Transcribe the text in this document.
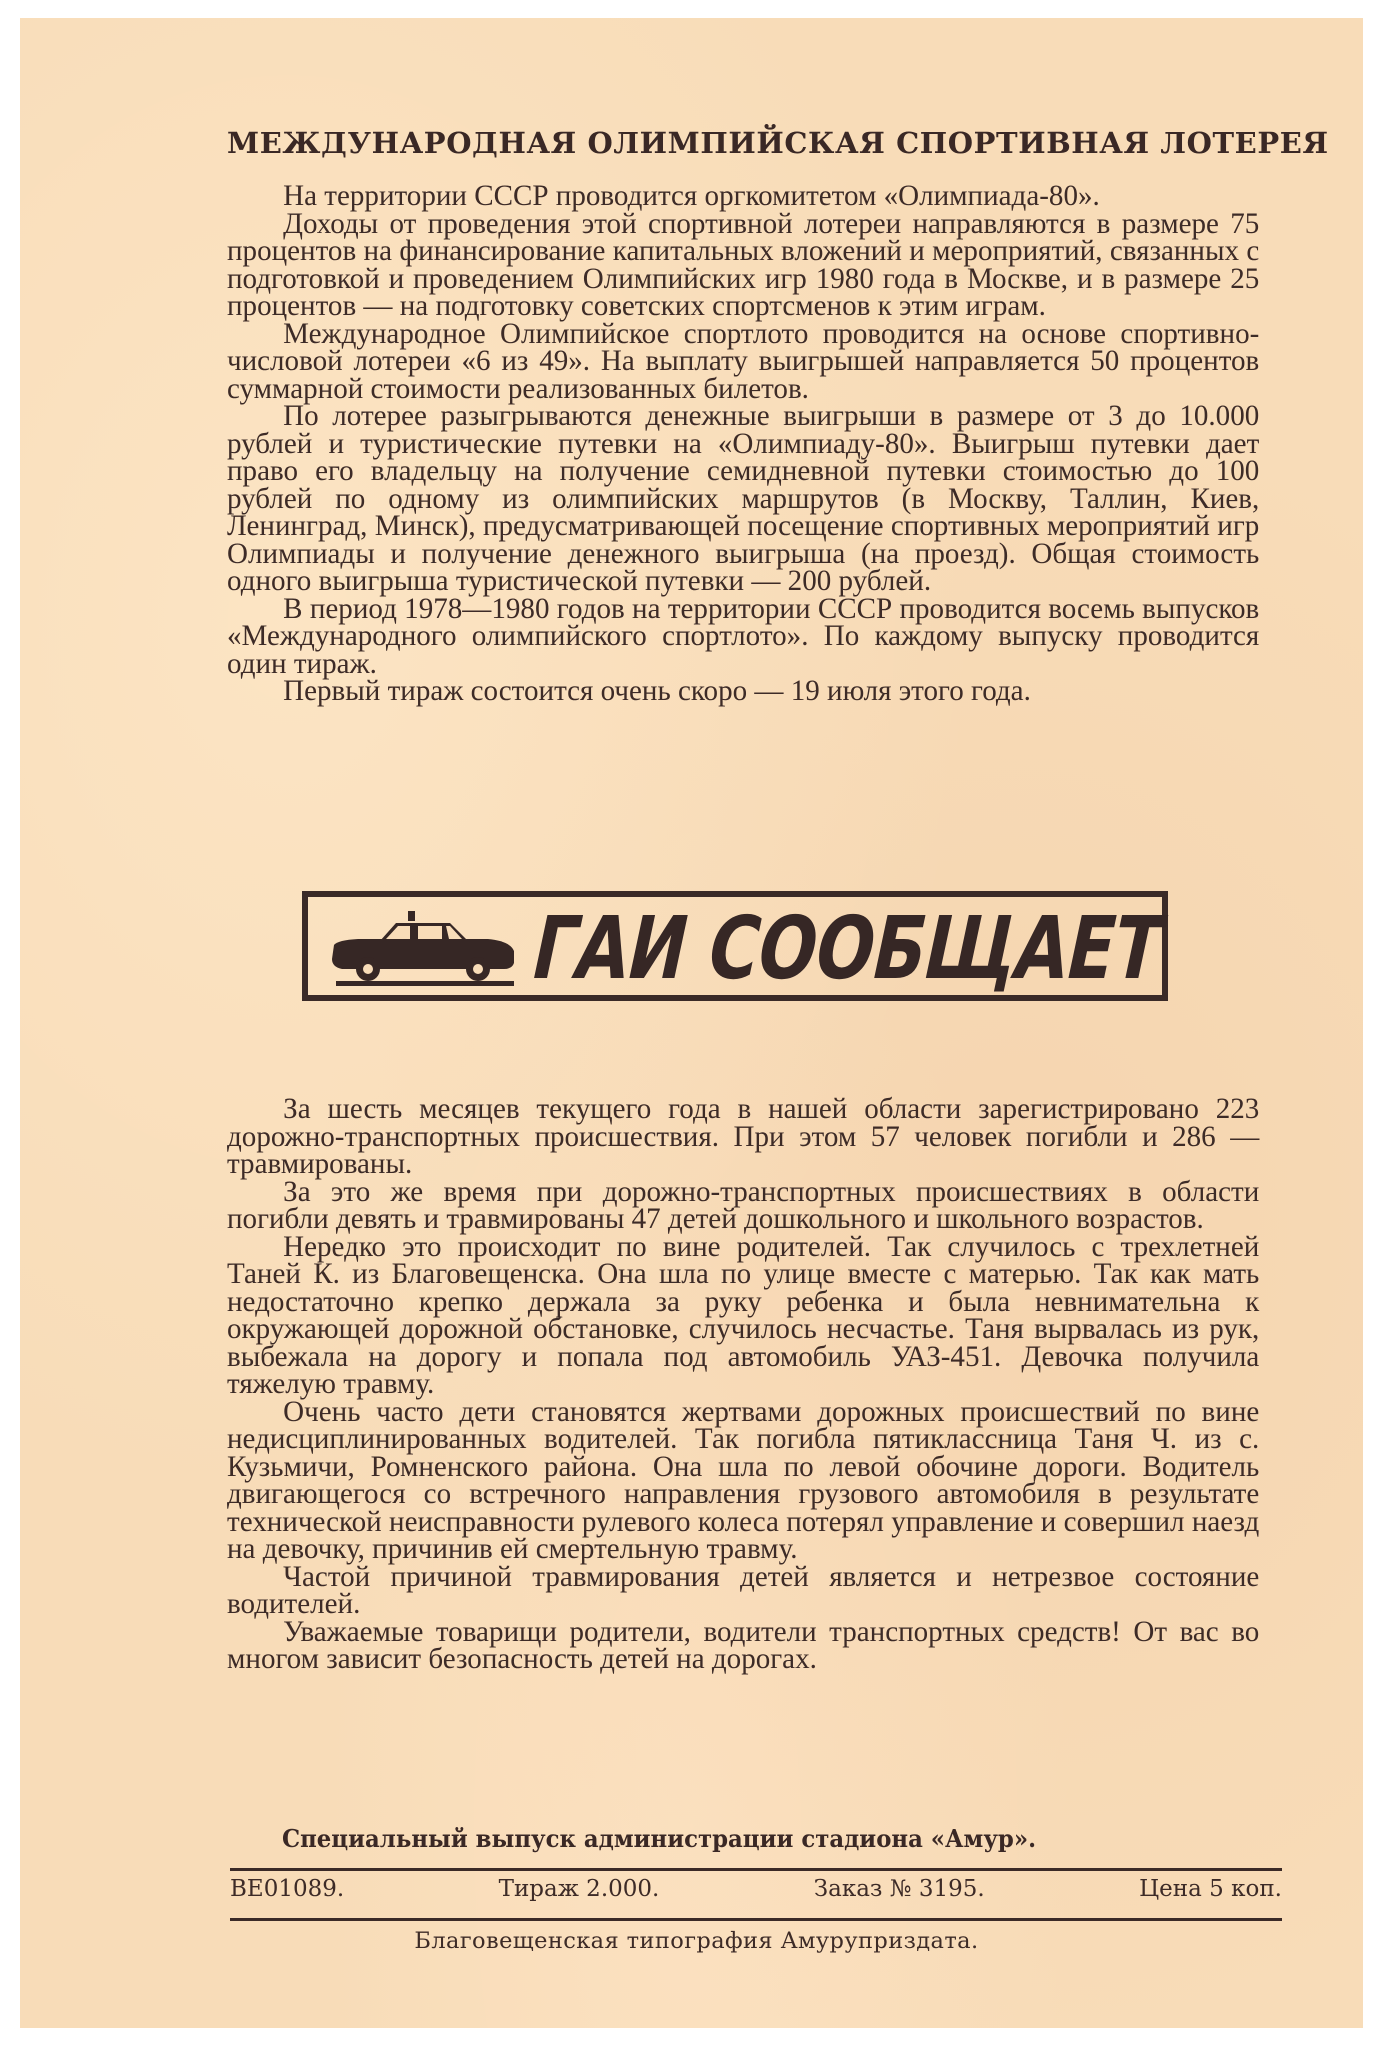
МЕЖДУНАРОДНАЯ ОЛИМПИЙСКАЯ СПОРТИВНАЯ ЛОТЕРЕЯ

На территории СССР проводится оргкомитетом «Олимпиада-80».

Доходы от проведения этой спортивной лотереи направляются в размере 75 процентов на финансирование капитальных вложений и мероприятий, связанных с подготовкой и проведением Олимпийских игр 1980 года в Москве, и в размере 25 процентов — на подготовку советских спортсменов к этим играм.

Международное Олимпийское спортлото проводится на основе спортивно-числовой лотереи «6 из 49». На выплату выигрышей направляется 50 процентов суммарной стоимости реализованных билетов.

По лотерее разыгрываются денежные выигрыши в размере от 3 до 10.000 рублей и туристические путевки на «Олимпиаду-80». Выигрыш путевки дает право его владельцу на получение семидневной путевки стоимостью до 100 рублей по одному из олимпийских маршрутов (в Москву, Таллин, Киев, Ленинград, Минск), предусматривающей посещение спортивных мероприятий игр Олимпиады и получение денежного выигрыша (на проезд). Общая стоимость одного выигрыша туристической путевки — 200 рублей.

В период 1978—1980 годов на территории СССР проводится восемь выпусков «Международного олимпийского спортлото». По каждому выпуску проводится один тираж.

Первый тираж состоится очень скоро — 19 июля этого года.

ГАИ СООБЩАЕТ

За шесть месяцев текущего года в нашей области зарегистрировано 223 дорожно-транспортных происшествия. При этом 57 человек погибли и 286 — травмированы.

За это же время при дорожно-транспортных происшествиях в области погибли девять и травмированы 47 детей дошкольного и школьного возрастов.

Нередко это происходит по вине родителей. Так случилось с трехлетней Таней К. из Благовещенска. Она шла по улице вместе с матерью. Так как мать недостаточно крепко держала за руку ребенка и была невнимательна к окружающей дорожной обстановке, случилось несчастье. Таня вырвалась из рук, выбежала на дорогу и попала под автомобиль УАЗ-451. Девочка получила тяжелую травму.

Очень часто дети становятся жертвами дорожных происшествий по вине недисциплинированных водителей. Так погибла пятиклассница Таня Ч. из с. Кузьмичи, Ромненского района. Она шла по левой обочине дороги. Водитель двигающегося со встречного направления грузового автомобиля в результате технической неисправности рулевого колеса потерял управление и совершил наезд на девочку, причинив ей смертельную травму.

Частой причиной травмирования детей является и нетрезвое состояние водителей.

Уважаемые товарищи родители, водители транспортных средств! От вас во многом зависит безопасность детей на дорогах.

Специальный выпуск администрации стадиона «Амур».
ВЕ01089.	Тираж 2.000.	Заказ № 3195.	Цена 5 коп.
Благовещенская типография Амуруприздата.
